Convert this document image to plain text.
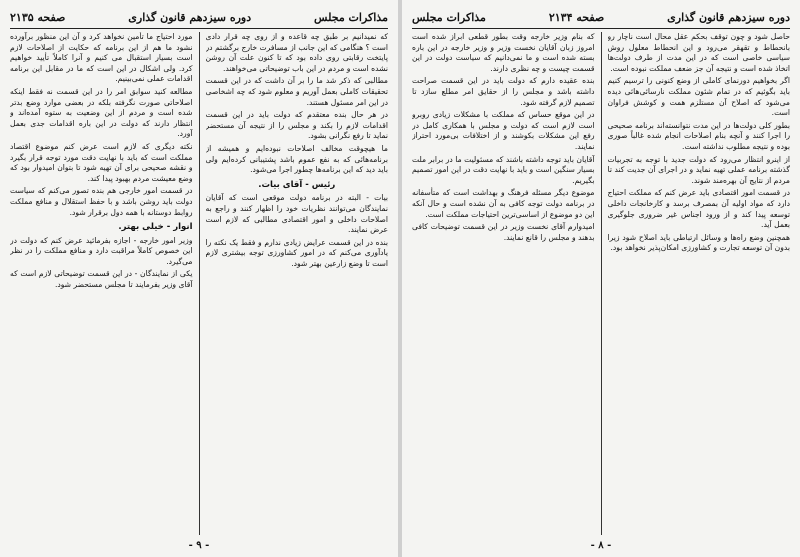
صفحه ۲۱۳۵	دوره سیزدهم قانون گذاری	مذاکرات مجلس

که نمیدانیم بر طبق چه قاعده و از روی چه قرار دادی است ؟ هنگامی که این جانب از مسافرت خارج برگشتم در پایتخت رقابتی روی داده بود که تا کنون علت آن روشن نشده است و مردم در این باب توضیحاتی می‌خواهند.

مطالبی که ذکر شد ما را بر آن داشت که در این قسمت تحقیقات کاملی بعمل آوریم و معلوم شود که چه اشخاصی در این امر مسئول هستند.

در هر حال بنده معتقدم که دولت باید در این قسمت اقدامات لازم را بکند و مجلس را از نتیجه آن مستحضر نماید تا رفع نگرانی بشود.

ما هیچوقت مخالف اصلاحات نبوده‌ایم و همیشه از برنامه‌هائی که به نفع عموم باشد پشتیبانی کرده‌ایم ولی باید دید که این برنامه‌ها چطور اجرا می‌شود.

رئیس - آقای بیات.

بیات - البته در برنامه دولت موقعی است که آقایان نمایندگان می‌توانند نظریات خود را اظهار کنند و راجع به اصلاحات داخلی و امور اقتصادی مطالبی که لازم است عرض نمایند.

بنده در این قسمت عرایض زیادی ندارم و فقط یک نکته را یادآوری می‌کنم که در امور کشاورزی توجه بیشتری لازم است تا وضع زارعین بهتر شود.

مورد احتیاج ما تأمین نخواهد کرد و آن این منظور برآورده نشود ما هم از این برنامه که حکایت از اصلاحات لازم است بسیار استقبال می کنیم و آنرا کاملاً تأیید خواهیم کرد. ولی اشکال در این است که ما در مقابل این برنامه اقدامات عملی نمی‌بینیم.

مطالعه کنید سوابق امر را در این قسمت نه فقط اینکه اصلاحاتی صورت نگرفته بلکه در بعضی موارد وضع بدتر شده است و مردم از این وضعیت به ستوه آمده‌اند و انتظار دارند که دولت در این باره اقدامات جدی بعمل آورد.

نکته دیگری که لازم است عرض کنم موضوع اقتصاد مملکت است که باید با نهایت دقت مورد توجه قرار بگیرد و نقشه صحیحی برای آن تهیه شود تا بتوان امیدوار بود که وضع معیشت مردم بهبود پیدا کند.

در قسمت امور خارجی هم بنده تصور می‌کنم که سیاست دولت باید روشن باشد و با حفظ استقلال و منافع مملکت روابط دوستانه با همه دول برقرار شود.

انوار - خیلی بهتر.

وزیر امور خارجه - اجازه بفرمائید عرض کنم که دولت در این خصوص کاملاً مراقبت دارد و منافع مملکت را در نظر می‌گیرد.

یکی از نمایندگان - در این قسمت توضیحاتی لازم است که آقای وزیر بفرمایند تا مجلس مستحضر شود.

- ۹ -
مذاکرات مجلس	صفحه ۲۱۳۴	دوره سیزدهم قانون گذاری

حاصل شود و چون توقف بحکم عقل محال است ناچار رو بانحطاط و تقهقر می‌رود و این انحطاط معلول روش سیاسی خاصی است که در این مدت از طرف دولت‌ها اتخاذ شده است و نتیجه آن جز ضعف مملکت نبوده است.

اگر بخواهیم دورنمای کاملی از وضع کنونی را ترسیم کنیم باید بگوئیم که در تمام شئون مملکت نارسائی‌هائی دیده می‌شود که اصلاح آن مستلزم همت و کوشش فراوان است.

بطور کلی دولت‌ها در این مدت نتوانسته‌اند برنامه صحیحی را اجرا کنند و آنچه بنام اصلاحات انجام شده غالباً صوری بوده و نتیجه مطلوب نداشته است.

از اینرو انتظار می‌رود که دولت جدید با توجه به تجربیات گذشته برنامه عملی تهیه نماید و در اجرای آن جدیت کند تا مردم از نتایج آن بهره‌مند شوند.

در قسمت امور اقتصادی باید عرض کنم که مملکت احتیاج دارد که مواد اولیه آن بمصرف برسد و کارخانجات داخلی توسعه پیدا کند و از ورود اجناس غیر ضروری جلوگیری بعمل آید.

همچنین وضع راه‌ها و وسائل ارتباطی باید اصلاح شود زیرا بدون آن توسعه تجارت و کشاورزی امکان‌پذیر نخواهد بود.

که بنام وزیر خارجه وقت بطور قطعی ابراز شده است امروز زبان آقایان نخست وزیر و وزیر خارجه در این باره بسته شده است و ما نمی‌دانیم که سیاست دولت در این قسمت چیست و چه نظری دارند.

بنده عقیده دارم که دولت باید در این قسمت صراحت داشته باشد و مجلس را از حقایق امر مطلع سازد تا تصمیم لازم گرفته شود.

در این موقع حساس که مملکت با مشکلات زیادی روبرو است لازم است که دولت و مجلس با همکاری کامل در رفع این مشکلات بکوشند و از اختلافات بی‌مورد احتراز نمایند.

آقایان باید توجه داشته باشند که مسئولیت ما در برابر ملت بسیار سنگین است و باید با نهایت دقت در این امور تصمیم بگیریم.

موضوع دیگر مسئله فرهنگ و بهداشت است که متأسفانه در برنامه دولت توجه کافی به آن نشده است و حال آنکه این دو موضوع از اساسی‌ترین احتیاجات مملکت است.

امیدوارم آقای نخست وزیر در این قسمت توضیحات کافی بدهند و مجلس را قانع نمایند.

- ۸ -
